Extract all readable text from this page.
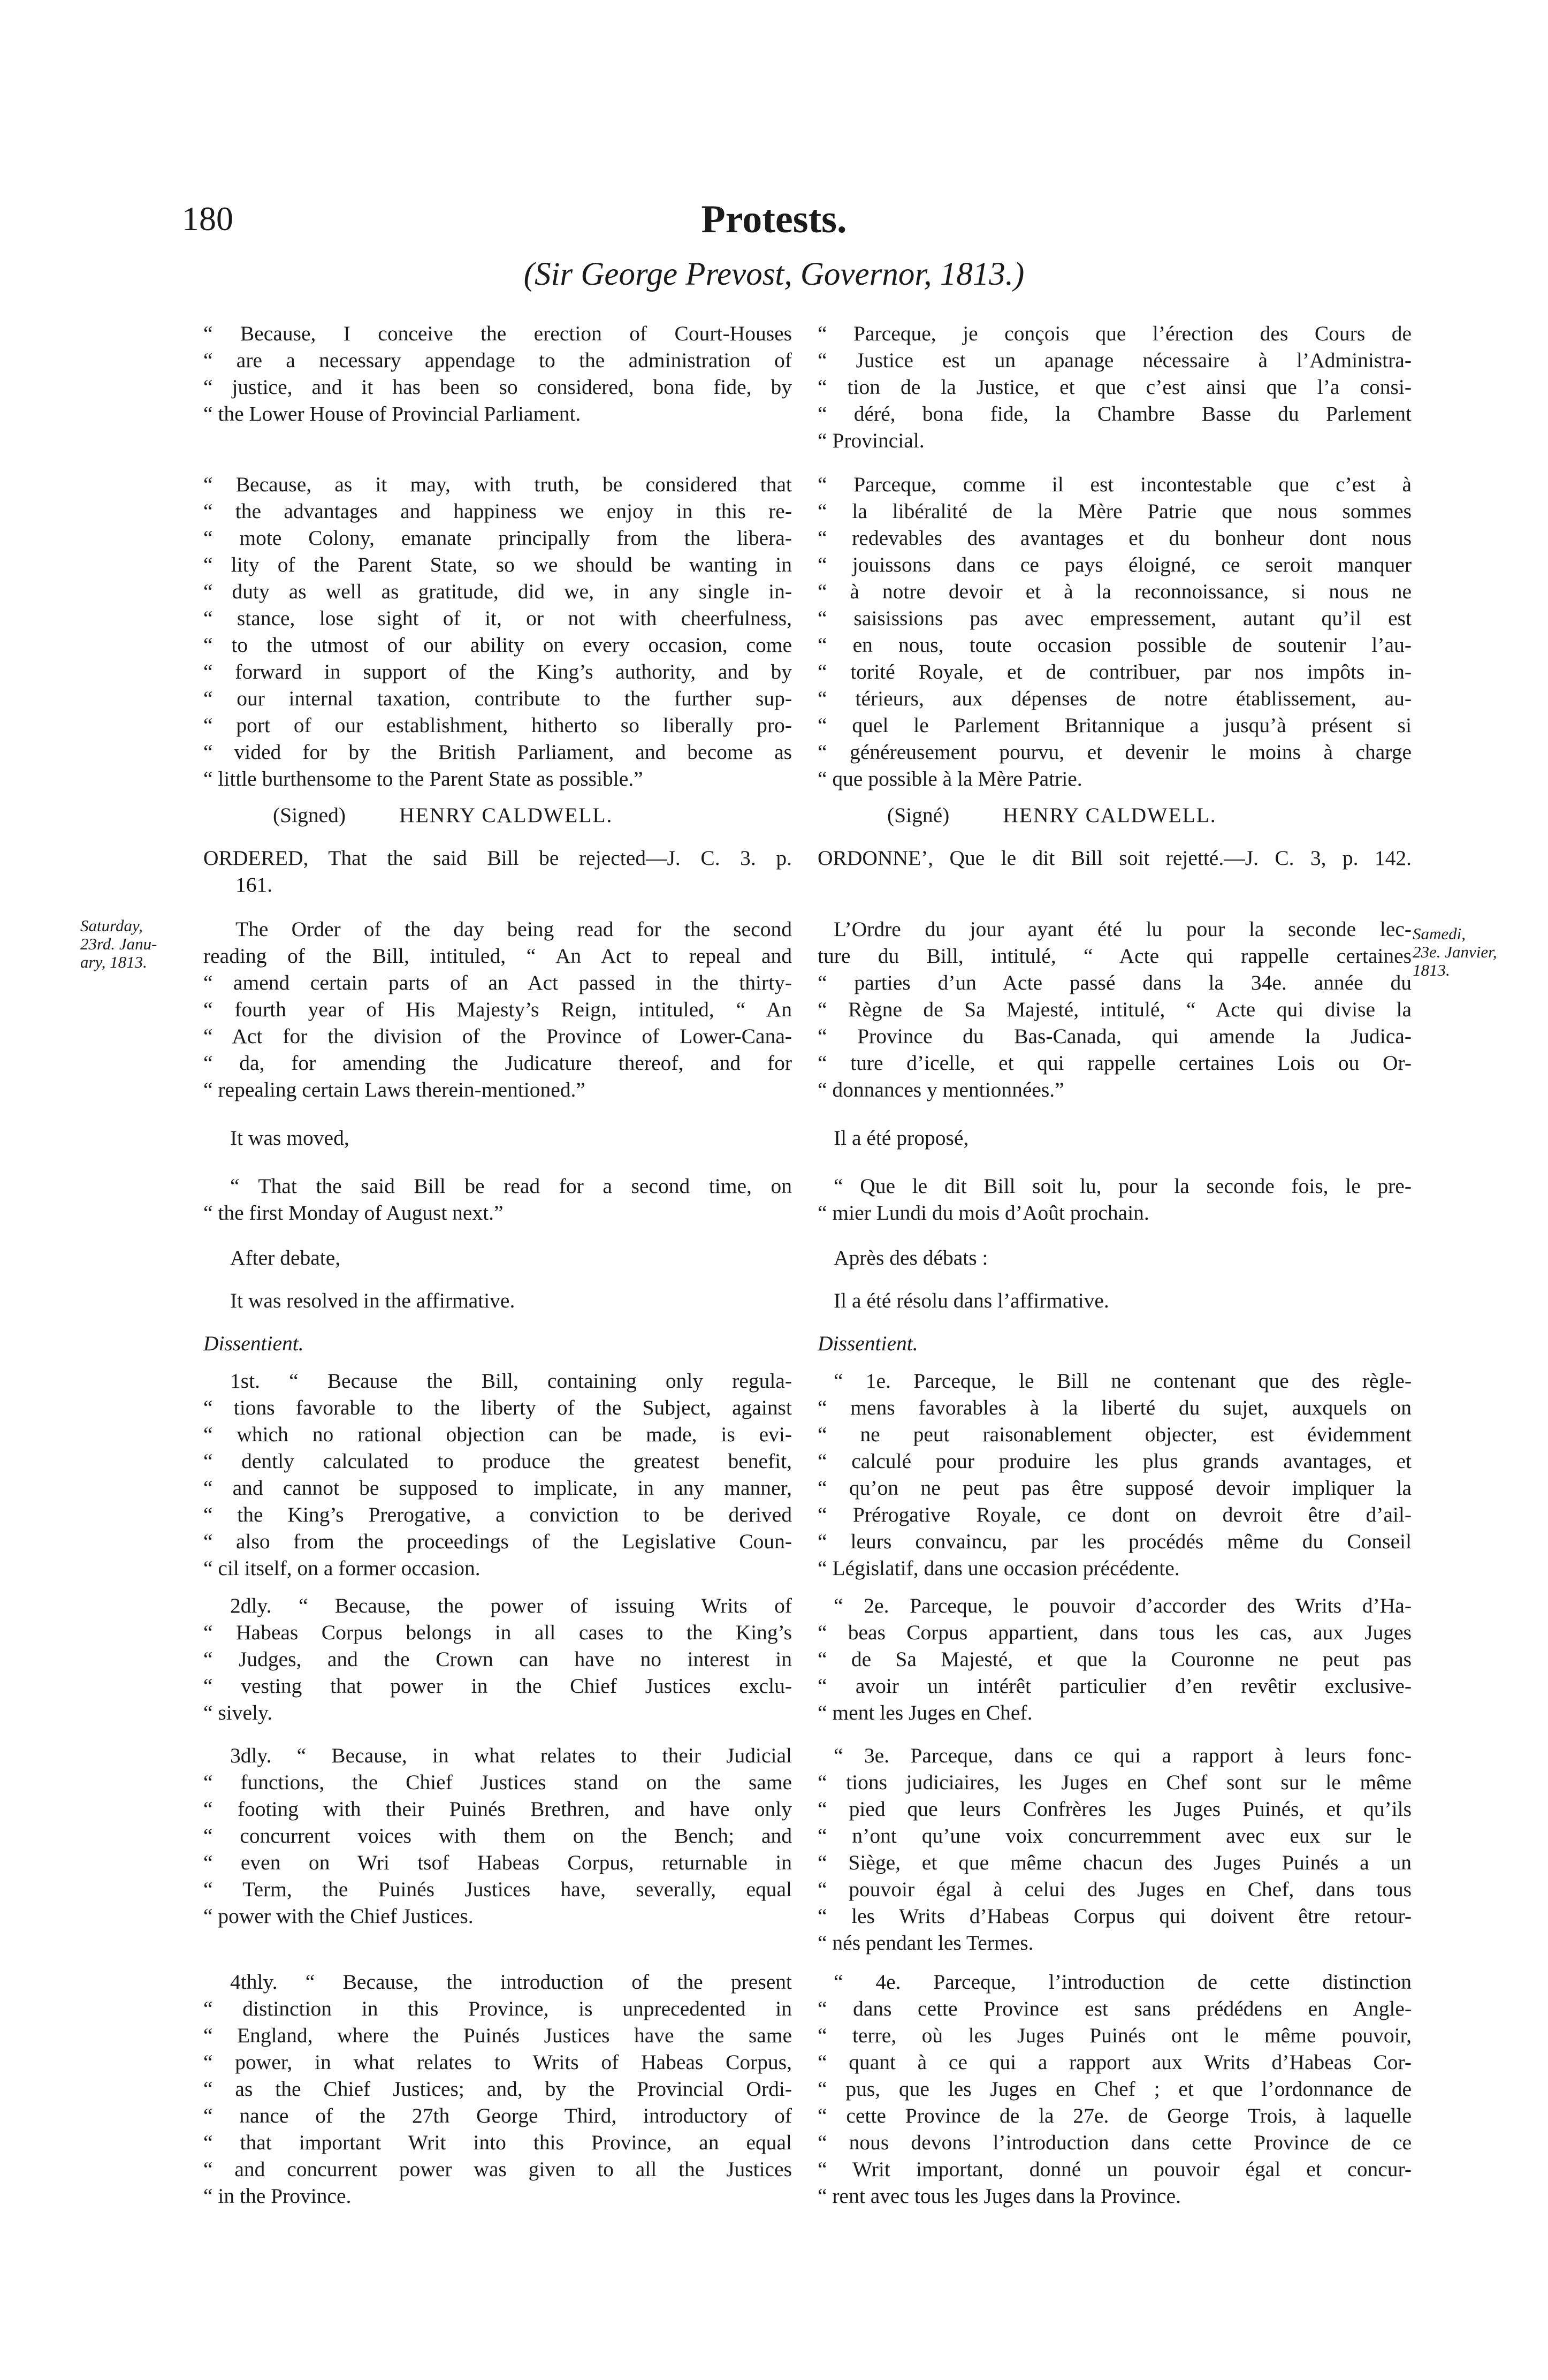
180	Protests.
(Sir George Prevost, Governor, 1813.)
Saturday,
23rd. Janu-
ary, 1813.
Samedi,
23e. Janvier,
1813.
“ Because, I conceive the erection of Court-Houses
“ are a necessary appendage to the administration of
“ justice, and it has been so considered, bona fide, by
“ the Lower House of Provincial Parliament.
“ Because, as it may, with truth, be considered that
“ the advantages and happiness we enjoy in this re-
“ mote Colony, emanate principally from the libera-
“ lity of the Parent State, so we should be wanting in
“ duty as well as gratitude, did we, in any single in-
“ stance, lose sight of it, or not with cheerfulness,
“ to the utmost of our ability on every occasion, come
“ forward in support of the King’s authority, and by
“ our internal taxation, contribute to the further sup-
“ port of our establishment, hitherto so liberally pro-
“ vided for by the British Parliament, and become as
“ little burthensome to the Parent State as possible.”
(Signed)	HENRY CALDWELL.
ORDERED, That the said Bill be rejected—J. C. 3. p.
161.
The Order of the day being read for the second
reading of the Bill, intituled, “ An Act to repeal and
“ amend certain parts of an Act passed in the thirty-
“ fourth year of His Majesty’s Reign, intituled, “ An
“ Act for the division of the Province of Lower-Cana-
“ da, for amending the Judicature thereof, and for
“ repealing certain Laws therein-mentioned.”
It was moved,
“ That the said Bill be read for a second time, on
“ the first Monday of August next.”
After debate,
It was resolved in the affirmative.
Dissentient.
1st. “ Because the Bill, containing only regula-
“ tions favorable to the liberty of the Subject, against
“ which no rational objection can be made, is evi-
“ dently calculated to produce the greatest benefit,
“ and cannot be supposed to implicate, in any manner,
“ the King’s Prerogative, a conviction to be derived
“ also from the proceedings of the Legislative Coun-
“ cil itself, on a former occasion.
2dly. “ Because, the power of issuing Writs of
“ Habeas Corpus belongs in all cases to the King’s
“ Judges, and the Crown can have no interest in
“ vesting that power in the Chief Justices exclu-
“ sively.
3dly. “ Because, in what relates to their Judicial
“ functions, the Chief Justices stand on the same
“ footing with their Puinés Brethren, and have only
“ concurrent voices with them on the Bench; and
“ even on Wri tsof Habeas Corpus, returnable in
“ Term, the Puinés Justices have, severally, equal
“ power with the Chief Justices.
4thly. “ Because, the introduction of the present
“ distinction in this Province, is unprecedented in
“ England, where the Puinés Justices have the same
“ power, in what relates to Writs of Habeas Corpus,
“ as the Chief Justices; and, by the Provincial Ordi-
“ nance of the 27th George Third, introductory of
“ that important Writ into this Province, an equal
“ and concurrent power was given to all the Justices
“ in the Province.
“ Parceque, je conçois que l’érection des Cours de
“ Justice est un apanage nécessaire à l’Administra-
“ tion de la Justice, et que c’est ainsi que l’a consi-
“ déré, bona fide, la Chambre Basse du Parlement
“ Provincial.
“ Parceque, comme il est incontestable que c’est à
“ la libéralité de la Mère Patrie que nous sommes
“ redevables des avantages et du bonheur dont nous
“ jouissons dans ce pays éloigné, ce seroit manquer
“ à notre devoir et à la reconnoissance, si nous ne
“ saisissions pas avec empressement, autant qu’il est
“ en nous, toute occasion possible de soutenir l’au-
“ torité Royale, et de contribuer, par nos impôts in-
“ térieurs, aux dépenses de notre établissement, au-
“ quel le Parlement Britannique a jusqu’à présent si
“ généreusement pourvu, et devenir le moins à charge
“ que possible à la Mère Patrie.
(Signé)	HENRY CALDWELL.
ORDONNE’, Que le dit Bill soit rejetté.—J. C. 3, p. 142.
L’Ordre du jour ayant été lu pour la seconde lec-
ture du Bill, intitulé, “ Acte qui rappelle certaines
“ parties d’un Acte passé dans la 34e. année du
“ Règne de Sa Majesté, intitulé, “ Acte qui divise la
“ Province du Bas-Canada, qui amende la Judica-
“ ture d’icelle, et qui rappelle certaines Lois ou Or-
“ donnances y mentionnées.”
Il a été proposé,
“ Que le dit Bill soit lu, pour la seconde fois, le pre-
“ mier Lundi du mois d’Août prochain.
Après des débats :
Il a été résolu dans l’affirmative.
Dissentient.
“ 1e. Parceque, le Bill ne contenant que des règle-
“ mens favorables à la liberté du sujet, auxquels on
“ ne peut raisonablement objecter, est évidemment
“ calculé pour produire les plus grands avantages, et
“ qu’on ne peut pas être supposé devoir impliquer la
“ Prérogative Royale, ce dont on devroit être d’ail-
“ leurs convaincu, par les procédés même du Conseil
“ Législatif, dans une occasion précédente.
“ 2e. Parceque, le pouvoir d’accorder des Writs d’Ha-
“ beas Corpus appartient, dans tous les cas, aux Juges
“ de Sa Majesté, et que la Couronne ne peut pas
“ avoir un intérêt particulier d’en revêtir exclusive-
“ ment les Juges en Chef.
“ 3e. Parceque, dans ce qui a rapport à leurs fonc-
“ tions judiciaires, les Juges en Chef sont sur le même
“ pied que leurs Confrères les Juges Puinés, et qu’ils
“ n’ont qu’une voix concurremment avec eux sur le
“ Siège, et que même chacun des Juges Puinés a un
“ pouvoir égal à celui des Juges en Chef, dans tous
“ les Writs d’Habeas Corpus qui doivent être retour-
“ nés pendant les Termes.
“ 4e. Parceque, l’introduction de cette distinction
“ dans cette Province est sans prédédens en Angle-
“ terre, où les Juges Puinés ont le même pouvoir,
“ quant à ce qui a rapport aux Writs d’Habeas Cor-
“ pus, que les Juges en Chef ; et que l’ordonnance de
“ cette Province de la 27e. de George Trois, à laquelle
“ nous devons l’introduction dans cette Province de ce
“ Writ important, donné un pouvoir égal et concur-
“ rent avec tous les Juges dans la Province.
